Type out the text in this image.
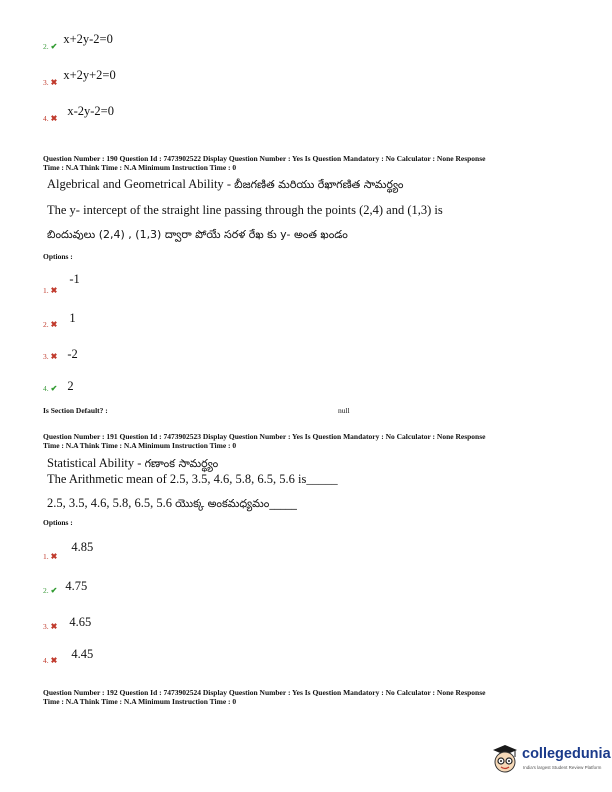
2. ✔ $^{x+2y-2=0}$
3. ✖ $^{x+2y+2=0}$
4. ✖ $^{x-2y-2=0}$
Question Number : 190 Question Id : 7473902522 Display Question Number : Yes Is Question Mandatory : No Calculator : None Response
Time : N.A Think Time : N.A Minimum Instruction Time : 0
Algebrical and Geometrical Ability - బీజగణిత మరియు రేఖాగణిత సామర్థ్యం
The y- intercept of the straight line passing through the points (2,4) and (1,3) is
బిందువులు (2,4) , (1,3) ద్వారా పోయే సరళ రేఖ కు y- అంత ఖండం
Options :
1. ✖ $^{-1}$
2. ✖ $^1$
3. ✖ -2
4. ✔ 2
Is Section Default? :	null
Question Number : 191 Question Id : 7473902523 Display Question Number : Yes Is Question Mandatory : No Calculator : None Response
Time : N.A Think Time : N.A Minimum Instruction Time : 0
Statistical Ability - గణాంక సామర్థ్యం
The Arithmetic mean of 2.5, 3.5, 4.6, 5.8, 6.5, 5.6 is_____
2.5, 3.5, 4.6, 5.8, 6.5, 5.6 యొక్క అంకమధ్యమం_____
Options :
1. ✖ $^{4.85}$
2. ✔ 4.75
3. ✖ 4.65
4. ✖ $^{4.45}$
Question Number : 192 Question Id : 7473902524 Display Question Number : Yes Is Question Mandatory : No Calculator : None Response
Time : N.A Think Time : N.A Minimum Instruction Time : 0
collegedunia
India's largest Student Review Platform
